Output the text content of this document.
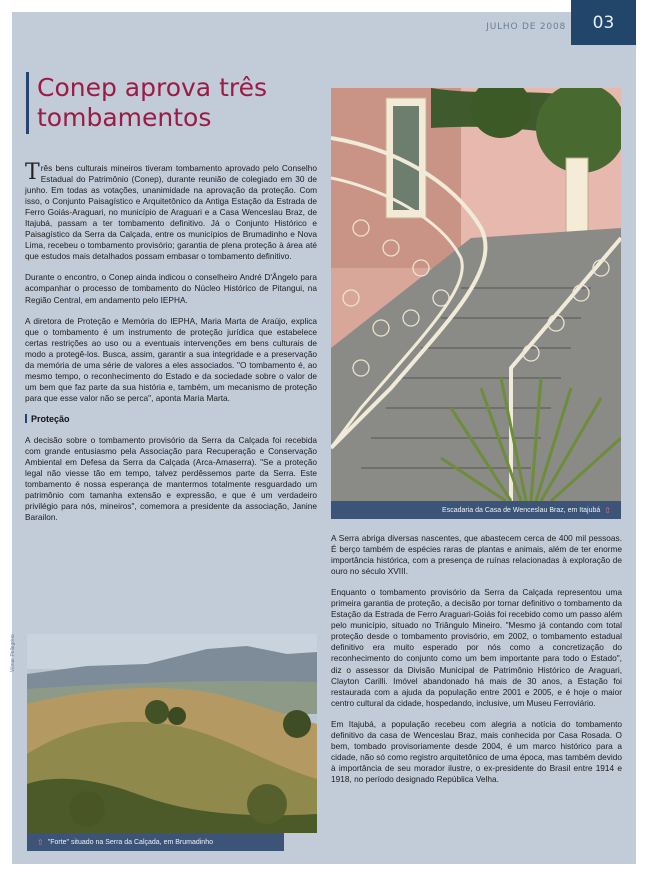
JULHO DE 2008 03
Conep aprova três tombamentos

Três bens culturais mineiros tiveram tombamento aprovado pelo Conselho Estadual do Patrimônio (Conep), durante reunião de colegiado em 30 de junho. Em todas as votações, unanimidade na aprovação da proteção. Com isso, o Conjunto Paisagístico e Arquitetônico da Antiga Estação da Estrada de Ferro Goiás-Araguari, no município de Araguari e a Casa Wenceslau Braz, de Itajubá, passam a ter tombamento definitivo. Já o Conjunto Histórico e Paisagístico da Serra da Calçada, entre os municípios de Brumadinho e Nova Lima, recebeu o tombamento provisório; garantia de plena proteção à área até que estudos mais detalhados possam embasar o tombamento definitivo.

Durante o encontro, o Conep ainda indicou o conselheiro André D'Ângelo para acompanhar o processo de tombamento do Núcleo Histórico de Pitangui, na Região Central, em andamento pelo IEPHA.

A diretora de Proteção e Memória do IEPHA, Maria Marta de Araújo, explica que o tombamento é um instrumento de proteção jurídica que estabelece certas restrições ao uso ou a eventuais intervenções em bens culturais de modo a protegê-los. Busca, assim, garantir a sua integridade e a preservação da memória de uma série de valores a eles associados. "O tombamento é, ao mesmo tempo, o reconhecimento do Estado e da sociedade sobre o valor de um bem que faz parte da sua história e, também, um mecanismo de proteção para que esse valor não se perca", aponta Maria Marta.

Proteção

A decisão sobre o tombamento provisório da Serra da Calçada foi recebida com grande entusiasmo pela Associação para Recuperação e Conservação Ambiental em Defesa da Serra da Calçada (Arca-Amaserra). "Se a proteção legal não viesse tão em tempo, talvez perdêssemos parte da Serra. Este tombamento é nossa esperança de mantermos totalmente resguardado um patrimônio com tamanha extensão e expressão, e que é um verdadeiro privilégio para nós, mineiros", comemora a presidente da associação, Janine Barailon.

Escadaria da Casa de Wenceslau Braz, em Itajubá ⇧

A Serra abriga diversas nascentes, que abastecem cerca de 400 mil pessoas. É berço também de espécies raras de plantas e animais, além de ter enorme importância histórica, com a presença de ruínas relacionadas à exploração de ouro no século XVIII.

Enquanto o tombamento provisório da Serra da Calçada representou uma primeira garantia de proteção, a decisão por tornar definitivo o tombamento da Estação da Estrada de Ferro Araguari-Goiás foi recebido como um passo além pelo município, situado no Triângulo Mineiro. "Mesmo já contando com total proteção desde o tombamento provisório, em 2002, o tombamento estadual definitivo era muito esperado por nós como a concretização do reconhecimento do conjunto como um bem importante para todo o Estado", diz o assessor da Divisão Municipal de Patrimônio Histórico de Araguari, Clayton Carilli. Imóvel abandonado há mais de 30 anos, a Estação foi restaurada com a ajuda da população entre 2001 e 2005, e é hoje o maior centro cultural da cidade, hospedando, inclusive, um Museu Ferroviário.

Em Itajubá, a população recebeu com alegria a notícia do tombamento definitivo da casa de Wenceslau Braz, mais conhecida por Casa Rosada. O bem, tombado provisoriamente desde 2004, é um marco histórico para a cidade, não só como registro arquitetônico de uma época, mas também devido à importância de seu morador ilustre, o ex-presidente do Brasil entre 1914 e 1918, no período designado República Velha.

⇧ "Forte" situado na Serra da Calçada, em Brumadinho
Vilmar Pellegrino
